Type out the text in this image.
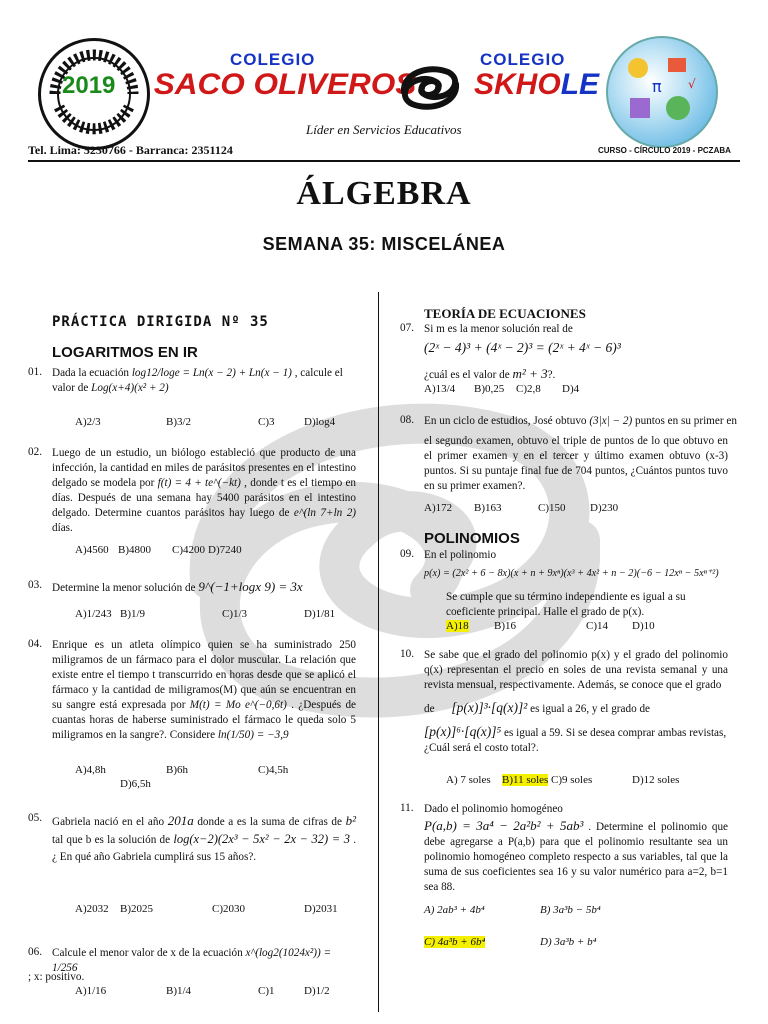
2019
COLEGIO
SACO OLIVEROS
COLEGIO
SKHOLE	π √
Líder en Servicios Educativos
Tel. Lima: 5230766 - Barranca: 2351124	CURSO - CÍRCULO 2019 - PCZABA
ÁLGEBRA
SEMANA 35: MISCELÁNEA
PRÁCTICA DIRIGIDA Nº 35
LOGARITMOS EN IR
01. Dada la ecuación log12/loge = Ln(x − 2) + Ln(x − 1) , calcule el
valor de Log(x+4)(x² + 2)
A)2/3	B)3/2	C)3	D)log4
02. Luego de un estudio, un biólogo estableció que producto de una infección, la cantidad en miles de parásitos presentes en el intestino delgado se modela por f(t) = 4 + te^(−kt) , donde t es el tiempo en días. Después de una semana hay 5400 parásitos en el intestino delgado. Determine cuantos parásitos hay luego de e^(ln 7+ln 2) días.
A)4560 B)4800 C)4200 D)7240
03. Determine la menor solución de 9^(−1+logx 9) = 3x
A)1/243 B)1/9	C)1/3	D)1/81
04. Enrique es un atleta olímpico quien se ha suministrado 250 miligramos de un fármaco para el dolor muscular. La relación que existe entre el tiempo t transcurrido en horas desde que se aplicó el fármaco y la cantidad de miligramos(M) que aún se encuentran en su sangre está expresada por M(t) = Mo e^(−0,6t) . ¿Después de cuantas horas de haberse suministrado el fármaco le queda solo 5 miligramos en la sangre?. Considere ln(1/50) = −3,9
A)4,8h	B)6h	C)4,5h
D)6,5h
05. Gabriela nació en el año 201a donde a es la suma de cifras de b² tal que b es la solución de log(x−2)(2x³ − 5x² − 2x − 32) = 3 . ¿ En qué año Gabriela cumplirá sus 15 años?.
A)2032 B)2025	C)2030	D)2031
06. Calcule el menor valor de x de la ecuación x^(log2(1024x²)) = 1/256
; x: positivo.
A)1/16	B)1/4	C)1	D)1/2
TEORÍA DE ECUACIONES
07. Si m es la menor solución real de
(2ˣ − 4)³ + (4ˣ − 2)³ = (2ˣ + 4ˣ − 6)³
¿cuál es el valor de m² + 3?.
A)13/4 B)0,25 C)2,8 D)4
08. En un ciclo de estudios, José obtuvo (3|x| − 2) puntos en su primer en
el segundo examen, obtuvo el triple de puntos de lo que obtuvo en el primer examen y en el tercer y último examen obtuvo (x-3) puntos. Si su puntaje final fue de 704 puntos, ¿Cuántos puntos tuvo en su primer examen?.
A)172 B)163	C)150 D)230
POLINOMIOS
09. En el polinomio
p(x) = (2x² + 6 − 8x)(x + n + 9xⁿ)(x³ + 4x² + n − 2)(−6 − 12xⁿ − 5xⁿ⁺²)
Se cumple que su término independiente es igual a su coeficiente principal. Halle el grado de p(x).
A)18 B)16	C)14 D)10
10. Se sabe que el grado del polinomio p(x) y el grado del polinomio q(x) representan el precio en soles de una revista semanal y una revista mensual, respectivamente. Además, se conoce que el grado
de [p(x)]³·[q(x)]² es igual a 26, y el grado de
[p(x)]⁶·[q(x)]⁵ es igual a 59. Si se desea comprar ambas revistas, ¿Cuál será el costo total?.
A) 7 soles B)11 soles C)9 soles	D)12 soles
11. Dado el polinomio homogéneo
P(a,b) = 3a⁴ − 2a²b² + 5ab³ . Determine el polinomio que debe agregarse a P(a,b) para que el polinomio resultante sea un polinomio homogéneo completo respecto a sus variables, tal que la suma de sus coeficientes sea 16 y su valor numérico para a=2, b=1 sea 88.
A) 2ab³ + 4b⁴	B) 3a³b − 5b⁴
C) 4a³b + 6b⁴	D) 3a³b + b⁴
